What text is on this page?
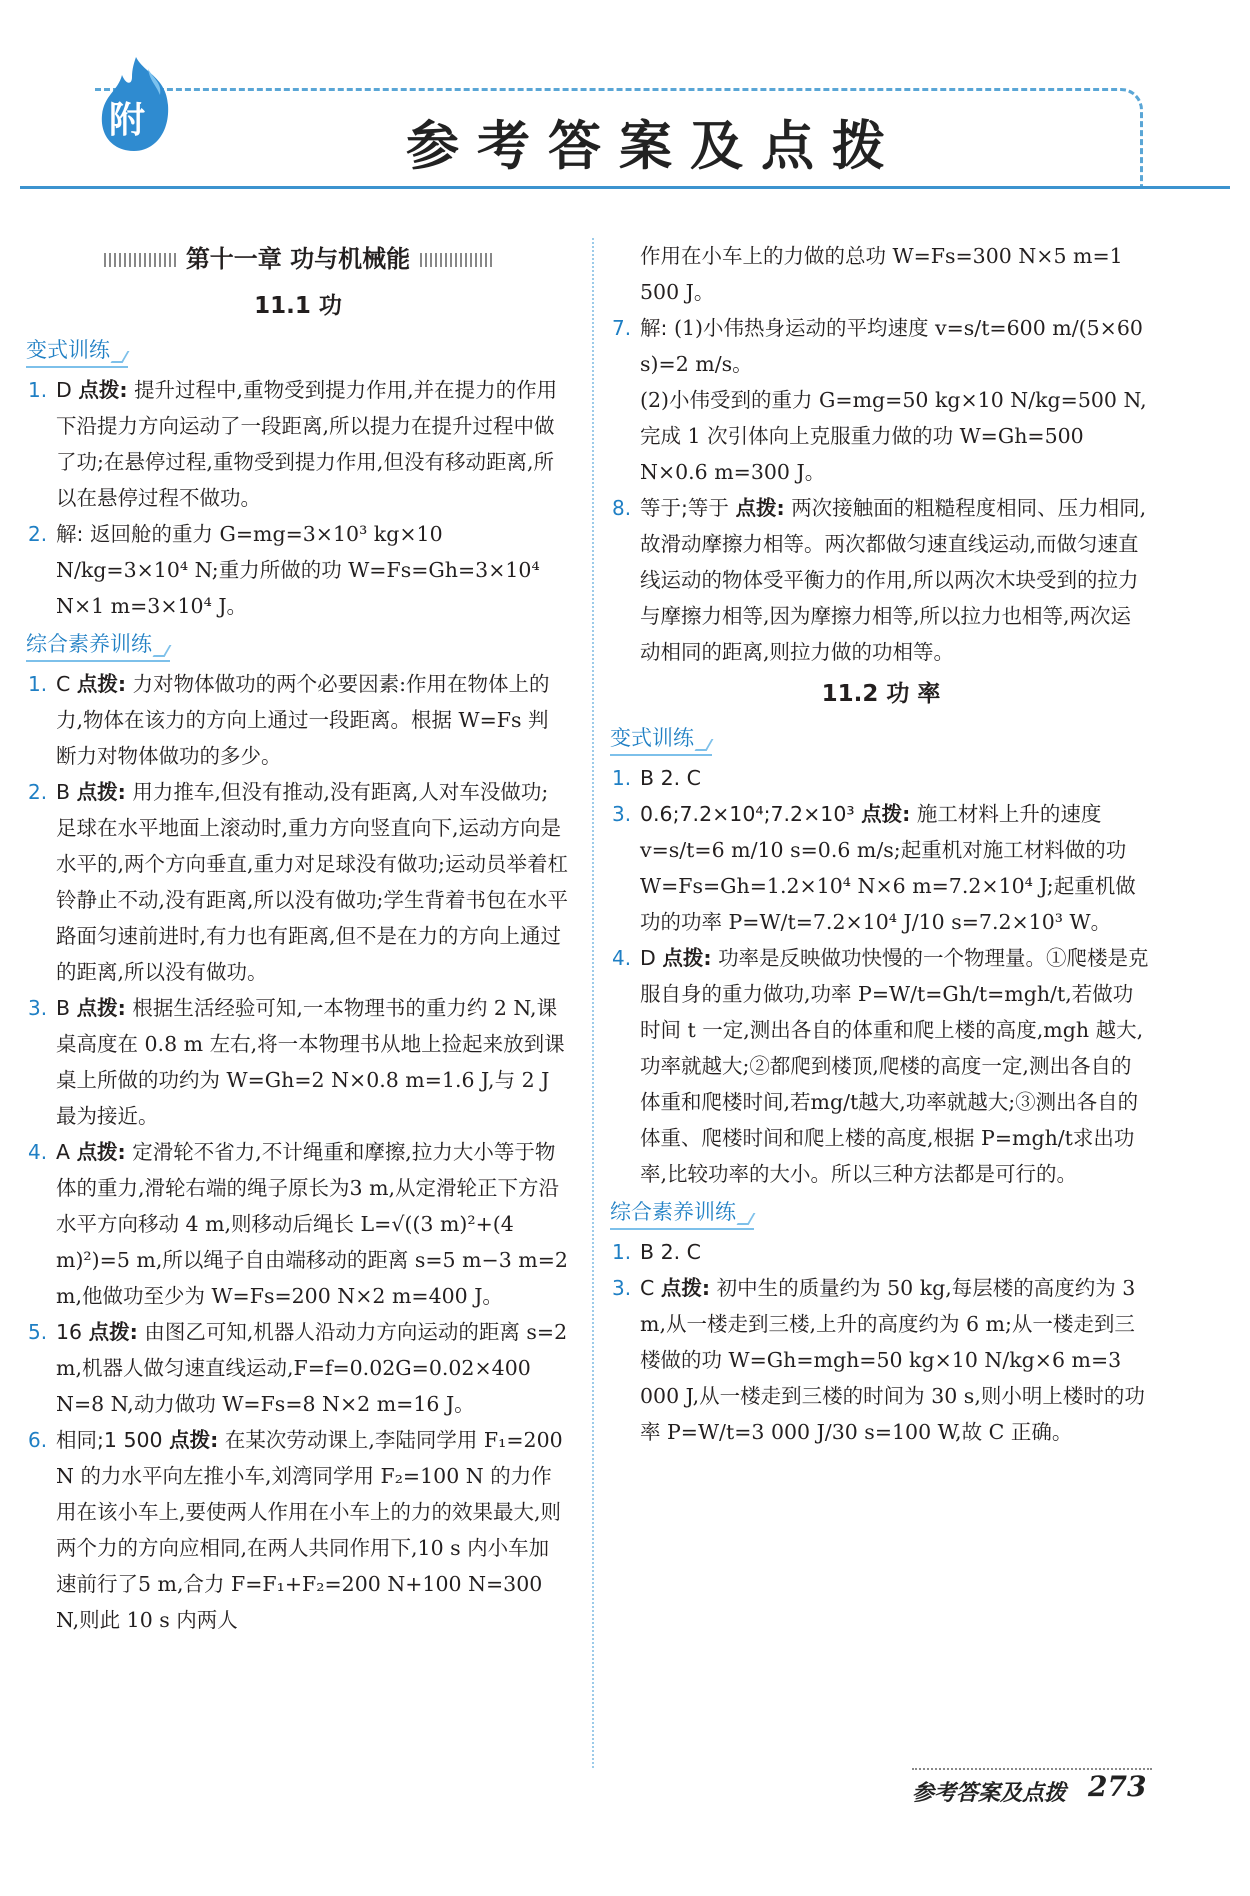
附	参考答案及点拨
第十一章 功与机械能
11.1 功
变式训练

1. D 点拨: 提升过程中,重物受到提力作用,并在提力的作用下沿提力方向运动了一段距离,所以提力在提升过程中做了功;在悬停过程,重物受到提力作用,但没有移动距离,所以在悬停过程不做功。

2. 解: 返回舱的重力 G=mg=3×10³ kg×10 N/kg=3×10⁴ N;重力所做的功 W=Fs=Gh=3×10⁴ N×1 m=3×10⁴ J。

综合素养训练

1. C 点拨: 力对物体做功的两个必要因素:作用在物体上的力,物体在该力的方向上通过一段距离。根据 W=Fs 判断力对物体做功的多少。

2. B 点拨: 用力推车,但没有推动,没有距离,人对车没做功;足球在水平地面上滚动时,重力方向竖直向下,运动方向是水平的,两个方向垂直,重力对足球没有做功;运动员举着杠铃静止不动,没有距离,所以没有做功;学生背着书包在水平路面匀速前进时,有力也有距离,但不是在力的方向上通过的距离,所以没有做功。

3. B 点拨: 根据生活经验可知,一本物理书的重力约 2 N,课桌高度在 0.8 m 左右,将一本物理书从地上捡起来放到课桌上所做的功约为 W=Gh=2 N×0.8 m=1.6 J,与 2 J 最为接近。

4. A 点拨: 定滑轮不省力,不计绳重和摩擦,拉力大小等于物体的重力,滑轮右端的绳子原长为3 m,从定滑轮正下方沿水平方向移动 4 m,则移动后绳长 L=√((3 m)²+(4 m)²)=5 m,所以绳子自由端移动的距离 s=5 m−3 m=2 m,他做功至少为 W=Fs=200 N×2 m=400 J。

5. 16 点拨: 由图乙可知,机器人沿动力方向运动的距离 s=2 m,机器人做匀速直线运动,F=f=0.02G=0.02×400 N=8 N,动力做功 W=Fs=8 N×2 m=16 J。

6. 相同;1 500 点拨: 在某次劳动课上,李陆同学用 F₁=200 N 的力水平向左推小车,刘湾同学用 F₂=100 N 的力作用在该小车上,要使两人作用在小车上的力的效果最大,则两个力的方向应相同,在两人共同作用下,10 s 内小车加速前行了5 m,合力 F=F₁+F₂=200 N+100 N=300 N,则此 10 s 内两人

作用在小车上的力做的总功 W=Fs=300 N×5 m=1 500 J。

7. 解: (1)小伟热身运动的平均速度 v=s/t=600 m/(5×60 s)=2 m/s。

(2)小伟受到的重力 G=mg=50 kg×10 N/kg=500 N,

完成 1 次引体向上克服重力做的功 W=Gh=500 N×0.6 m=300 J。

8. 等于;等于 点拨: 两次接触面的粗糙程度相同、压力相同,故滑动摩擦力相等。两次都做匀速直线运动,而做匀速直线运动的物体受平衡力的作用,所以两次木块受到的拉力与摩擦力相等,因为摩擦力相等,所以拉力也相等,两次运动相同的距离,则拉力做的功相等。

11.2 功 率
变式训练

1. B 2. C

3. 0.6;7.2×10⁴;7.2×10³ 点拨: 施工材料上升的速度 v=s/t=6 m/10 s=0.6 m/s;起重机对施工材料做的功 W=Fs=Gh=1.2×10⁴ N×6 m=7.2×10⁴ J;起重机做功的功率 P=W/t=7.2×10⁴ J/10 s=7.2×10³ W。

4. D 点拨: 功率是反映做功快慢的一个物理量。①爬楼是克服自身的重力做功,功率 P=W/t=Gh/t=mgh/t,若做功时间 t 一定,测出各自的体重和爬上楼的高度,mgh 越大,功率就越大;②都爬到楼顶,爬楼的高度一定,测出各自的体重和爬楼时间,若mg/t越大,功率就越大;③测出各自的体重、爬楼时间和爬上楼的高度,根据 P=mgh/t求出功率,比较功率的大小。所以三种方法都是可行的。

综合素养训练

1. B 2. C

3. C 点拨: 初中生的质量约为 50 kg,每层楼的高度约为 3 m,从一楼走到三楼,上升的高度约为 6 m;从一楼走到三楼做的功 W=Gh=mgh=50 kg×10 N/kg×6 m=3 000 J,从一楼走到三楼的时间为 30 s,则小明上楼时的功率 P=W/t=3 000 J/30 s=100 W,故 C 正确。

参考答案及点拨 273
